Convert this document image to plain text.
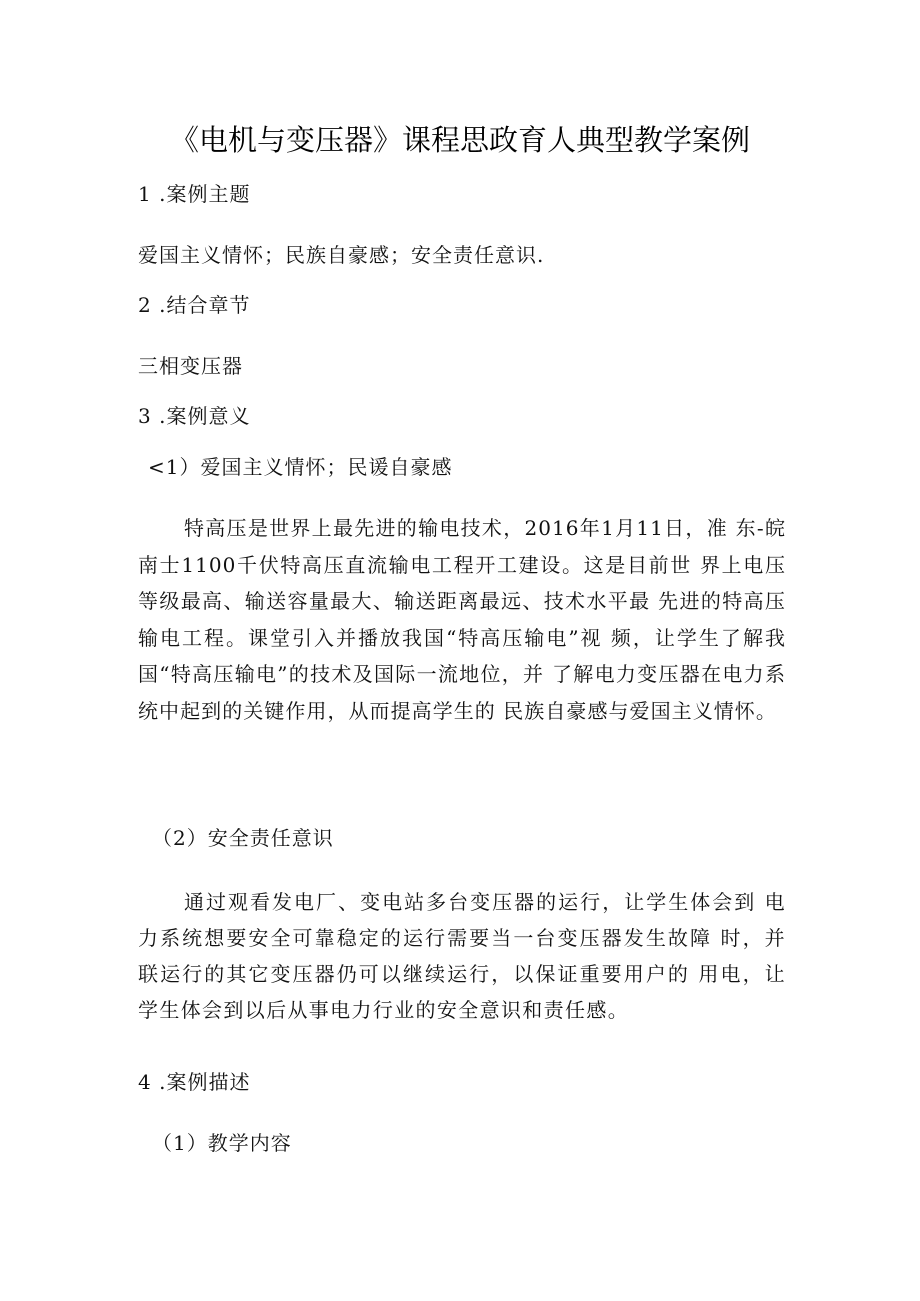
《电机与变压器》课程思政育人典型教学案例
1 .案例主题
爱国主义情怀；民族自豪感；安全责任意识.
2 .结合章节
三相变压器
3 .案例意义
<1）爱国主义情怀；民谖自豪感
特高压是世界上最先进的输电技术，2016年1月11日，准 东-皖南士1100千伏特高压直流输电工程开工建设。这是目前世 界上电压等级最高、输送容量最大、输送距离最远、技术水平最 先进的特高压输电工程。课堂引入并播放我国“特高压输电”视 频，让学生了解我国“特高压输电”的技术及国际一流地位，并 了解电力变压器在电力系统中起到的关键作用，从而提高学生的 民族自豪感与爱国主义情怀。
（2）安全责任意识
通过观看发电厂、变电站多台变压器的运行，让学生体会到 电力系统想要安全可靠稳定的运行需要当一台变压器发生故障 时，并联运行的其它变压器仍可以继续运行，以保证重要用户的 用电，让学生体会到以后从事电力行业的安全意识和责任感。
4 .案例描述
（1）教学内容
